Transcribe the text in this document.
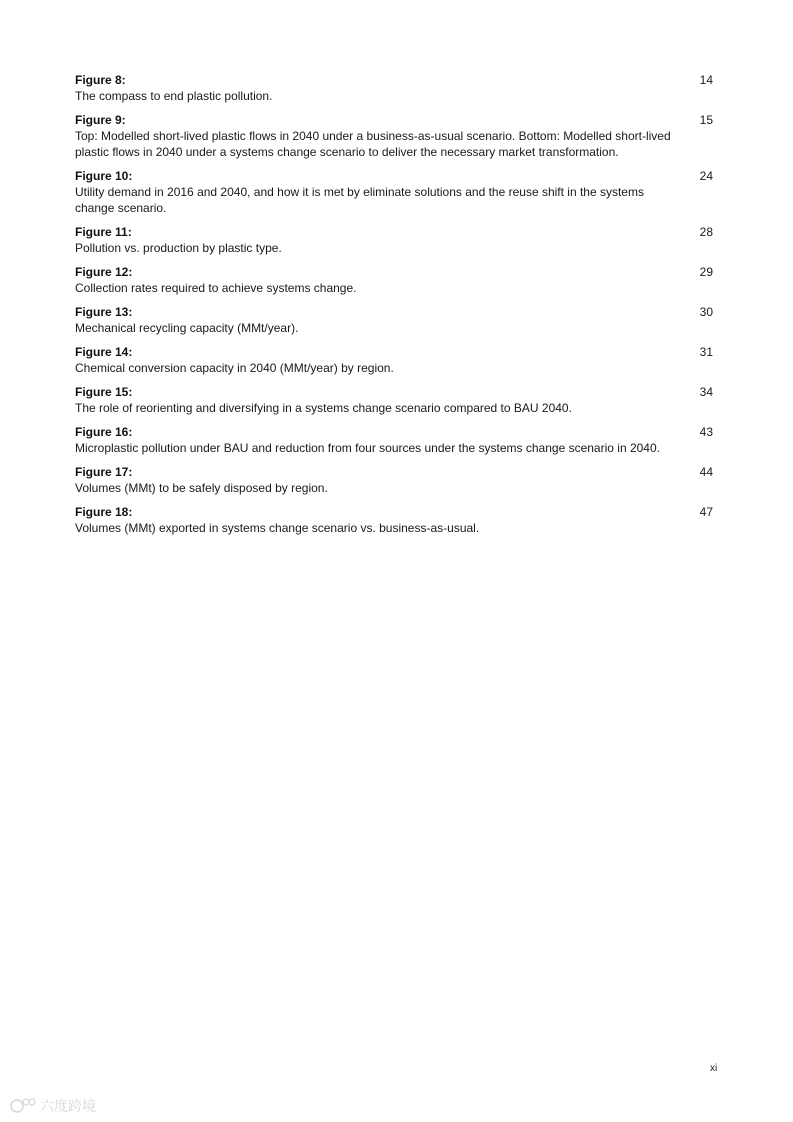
Figure 8:
The compass to end plastic pollution.
14
Figure 9:
Top: Modelled short-lived plastic flows in 2040 under a business-as-usual scenario. Bottom: Modelled short-lived plastic flows in 2040 under a systems change scenario to deliver the necessary market transformation.
15
Figure 10:
Utility demand in 2016 and 2040, and how it is met by eliminate solutions and the reuse shift in the systems change scenario.
24
Figure 11:
Pollution vs. production by plastic type.
28
Figure 12:
Collection rates required to achieve systems change.
29
Figure 13:
Mechanical recycling capacity (MMt/year).
30
Figure 14:
Chemical conversion capacity in 2040 (MMt/year) by region.
31
Figure 15:
The role of reorienting and diversifying in a systems change scenario compared to BAU 2040.
34
Figure 16:
Microplastic pollution under BAU and reduction from four sources under the systems change scenario in 2040.
43
Figure 17:
Volumes (MMt) to be safely disposed by region.
44
Figure 18:
Volumes (MMt) exported in systems change scenario vs. business-as-usual.
47
xi
六度跨境
